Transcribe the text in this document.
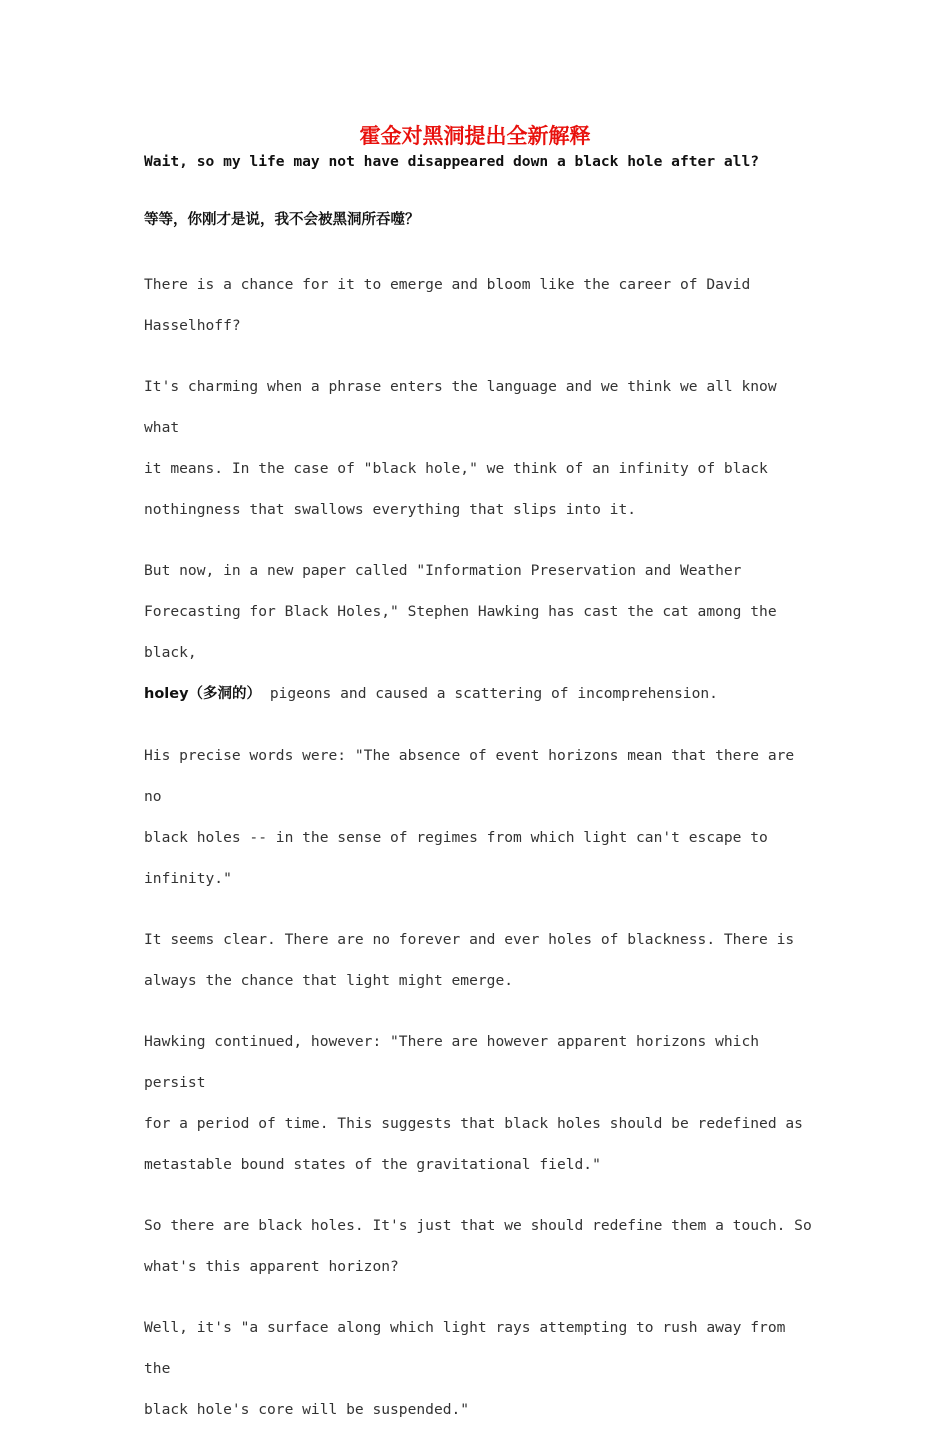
霍金对黑洞提出全新解释

Wait, so my life may not have disappeared down a black hole after all?

等等，你刚才是说，我不会被黑洞所吞噬？

There is a chance for it to emerge and bloom like the career of David
Hasselhoff?

It's charming when a phrase enters the language and we think we all know what
it means. In the case of "black hole," we think of an infinity of black
nothingness that swallows everything that slips into it.

But now, in a new paper called "Information Preservation and Weather
Forecasting for Black Holes," Stephen Hawking has cast the cat among the black,
holey（多洞的） pigeons and caused a scattering of incomprehension.

His precise words were: "The absence of event horizons mean that there are no
black holes -- in the sense of regimes from which light can't escape to
infinity."

It seems clear. There are no forever and ever holes of blackness. There is
always the chance that light might emerge.

Hawking continued, however: "There are however apparent horizons which persist
for a period of time. This suggests that black holes should be redefined as
metastable bound states of the gravitational field."

So there are black holes. It's just that we should redefine them a touch. So
what's this apparent horizon?

Well, it's "a surface along which light rays attempting to rush away from the
black hole's core will be suspended."
